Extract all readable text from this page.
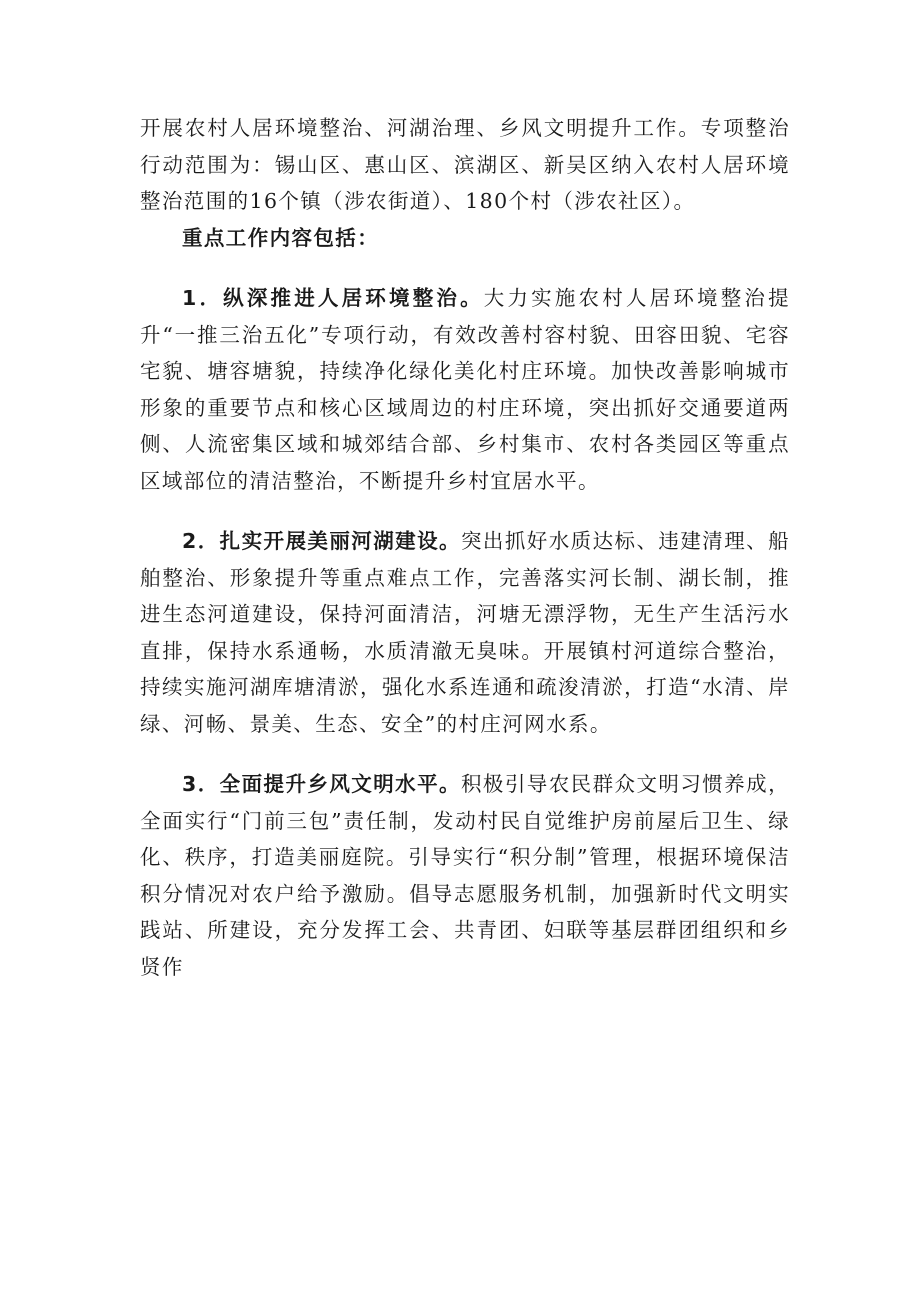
开展农村人居环境整治、河湖治理、乡风文明提升工作。专项整治行动范围为：锡山区、惠山区、滨湖区、新吴区纳入农村人居环境整治范围的16个镇（涉农街道）、180个村（涉农社区）。

重点工作内容包括：

1．纵深推进人居环境整治。大力实施农村人居环境整治提升“一推三治五化”专项行动，有效改善村容村貌、田容田貌、宅容宅貌、塘容塘貌，持续净化绿化美化村庄环境。加快改善影响城市形象的重要节点和核心区域周边的村庄环境，突出抓好交通要道两侧、人流密集区域和城郊结合部、乡村集市、农村各类园区等重点区域部位的清洁整治，不断提升乡村宜居水平。

2．扎实开展美丽河湖建设。突出抓好水质达标、违建清理、船舶整治、形象提升等重点难点工作，完善落实河长制、湖长制，推进生态河道建设，保持河面清洁，河塘无漂浮物，无生产生活污水直排，保持水系通畅，水质清澈无臭味。开展镇村河道综合整治，持续实施河湖库塘清淤，强化水系连通和疏浚清淤，打造“水清、岸绿、河畅、景美、生态、安全”的村庄河网水系。

3．全面提升乡风文明水平。积极引导农民群众文明习惯养成，全面实行“门前三包”责任制，发动村民自觉维护房前屋后卫生、绿化、秩序，打造美丽庭院。引导实行“积分制”管理，根据环境保洁积分情况对农户给予激励。倡导志愿服务机制，加强新时代文明实践站、所建设，充分发挥工会、共青团、妇联等基层群团组织和乡贤作
